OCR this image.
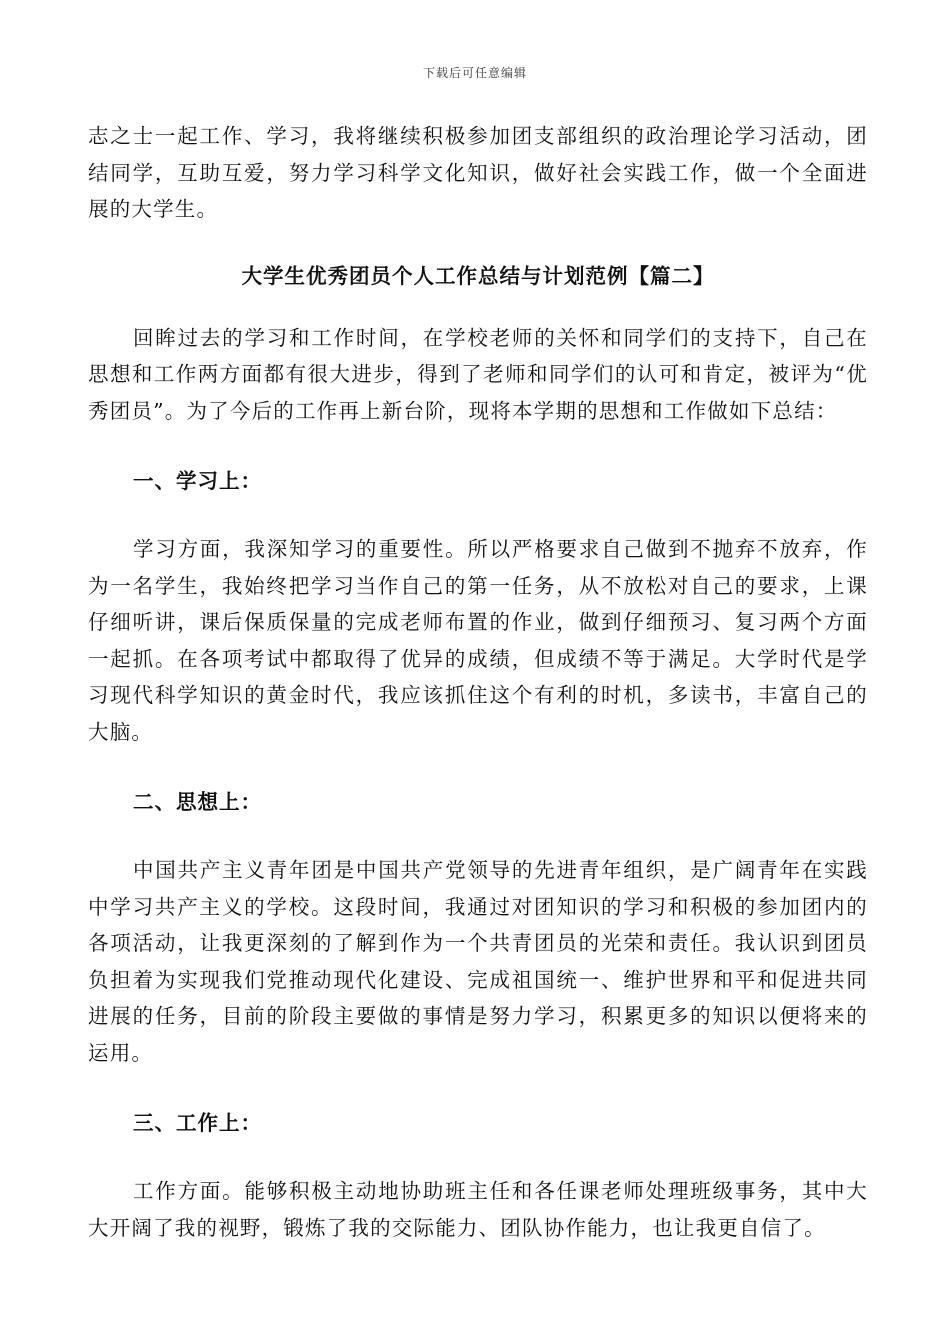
下载后可任意编辑

志之士一起工作、学习，我将继续积极参加团支部组织的政治理论学习活动，团结同学，互助互爱，努力学习科学文化知识，做好社会实践工作，做一个全面进展的大学生。

大学生优秀团员个人工作总结与计划范例【篇二】

回眸过去的学习和工作时间，在学校老师的关怀和同学们的支持下，自己在思想和工作两方面都有很大进步，得到了老师和同学们的认可和肯定，被评为“优秀团员”。为了今后的工作再上新台阶，现将本学期的思想和工作做如下总结：

一、学习上：

学习方面，我深知学习的重要性。所以严格要求自己做到不抛弃不放弃，作为一名学生，我始终把学习当作自己的第一任务，从不放松对自己的要求，上课仔细听讲，课后保质保量的完成老师布置的作业，做到仔细预习、复习两个方面一起抓。在各项考试中都取得了优异的成绩，但成绩不等于满足。大学时代是学习现代科学知识的黄金时代，我应该抓住这个有利的时机，多读书，丰富自己的大脑。

二、思想上：

中国共产主义青年团是中国共产党领导的先进青年组织，是广阔青年在实践中学习共产主义的学校。这段时间，我通过对团知识的学习和积极的参加团内的各项活动，让我更深刻的了解到作为一个共青团员的光荣和责任。我认识到团员负担着为实现我们党推动现代化建设、完成祖国统一、维护世界和平和促进共同进展的任务，目前的阶段主要做的事情是努力学习，积累更多的知识以便将来的运用。

三、工作上：

工作方面。能够积极主动地协助班主任和各任课老师处理班级事务，其中大大开阔了我的视野，锻炼了我的交际能力、团队协作能力，也让我更自信了。
